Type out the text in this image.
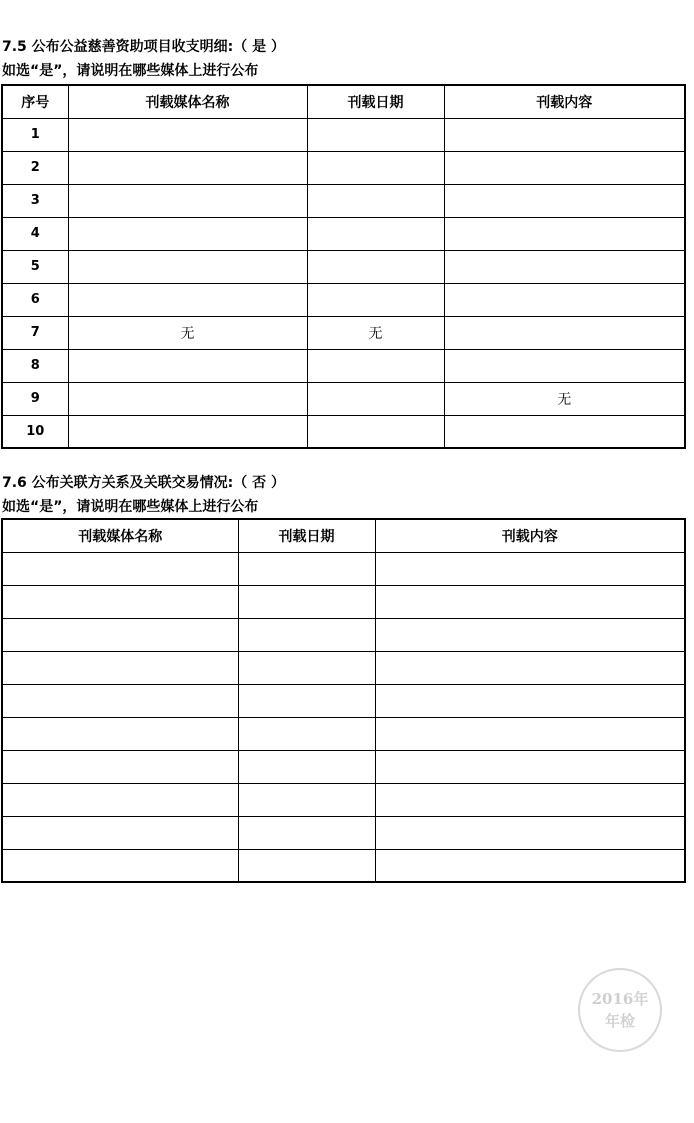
7.5 公布公益慈善资助项目收支明细:（ 是 ）
如选“是”，请说明在哪些媒体上进行公布
序号	刊载媒体名称	刊载日期	刊载内容
1			
2			
3			
4			
5			
6			
7	无	无	
8			
9			无
10			
7.6 公布关联方关系及关联交易情况:（ 否 ）
如选“是”，请说明在哪些媒体上进行公布
刊载媒体名称	刊载日期	刊载内容

2016年
年检
